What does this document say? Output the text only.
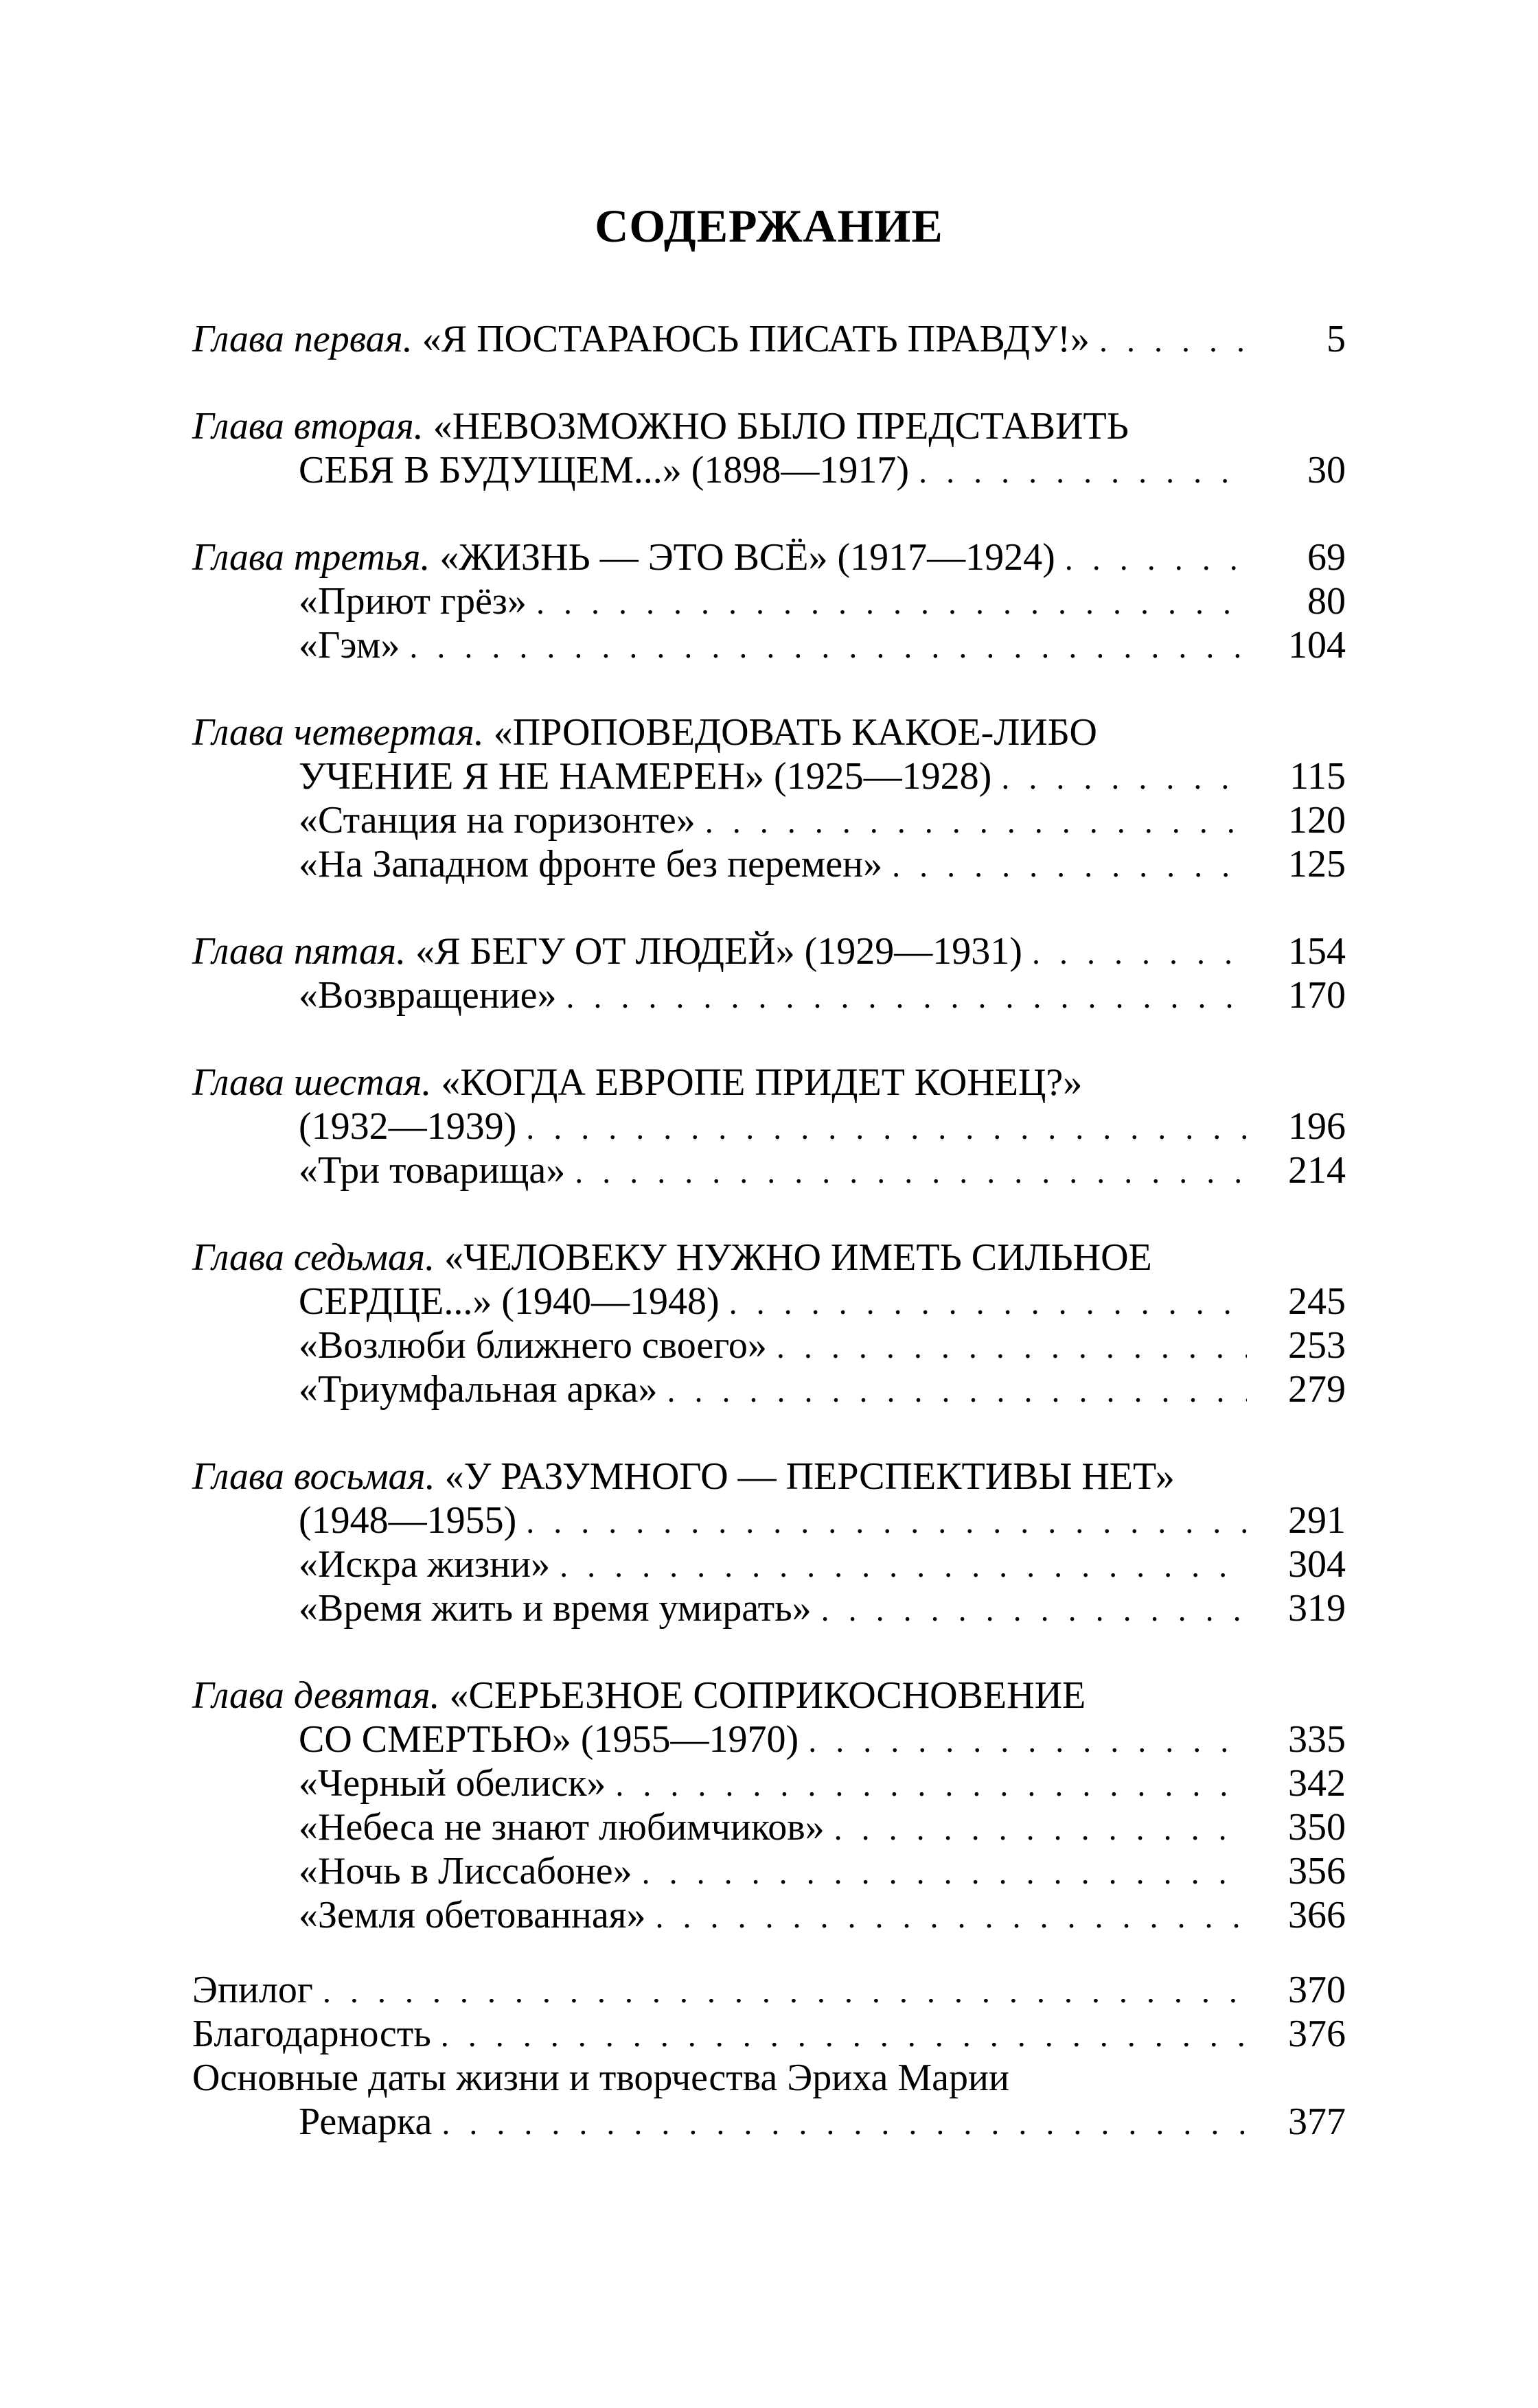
СОДЕРЖАНИЕ
Глава первая. «Я ПОСТАРАЮСЬ ПИСАТЬ ПРАВДУ!» . . .	5
Глава вторая. «НЕВОЗМОЖНО БЫЛО ПРЕДСТАВИТЬ
СЕБЯ В БУДУЩЕМ...» (1898—1917) . . .	30
Глава третья. «ЖИЗНЬ — ЭТО ВСЁ» (1917—1924) . . .	69
«Приют грёз» . . .	80
«Гэм» . . .	104
Глава четвертая. «ПРОПОВЕДОВАТЬ КАКОЕ-ЛИБО
УЧЕНИЕ Я НЕ НАМЕРЕН» (1925—1928) . . .	115
«Станция на горизонте» . . .	120
«На Западном фронте без перемен» . . .	125
Глава пятая. «Я БЕГУ ОТ ЛЮДЕЙ» (1929—1931) . . .	154
«Возвращение» . . .	170
Глава шестая. «КОГДА ЕВРОПЕ ПРИДЕТ КОНЕЦ?»
(1932—1939) . . .	196
«Три товарища» . . .	214
Глава седьмая. «ЧЕЛОВЕКУ НУЖНО ИМЕТЬ СИЛЬНОЕ
СЕРДЦЕ...» (1940—1948) . . .	245
«Возлюби ближнего своего» . . .	253
«Триумфальная арка» . . .	279
Глава восьмая. «У РАЗУМНОГО — ПЕРСПЕКТИВЫ НЕТ»
(1948—1955) . . .	291
«Искра жизни» . . .	304
«Время жить и время умирать» . . .	319
Глава девятая. «СЕРЬЕЗНОЕ СОПРИКОСНОВЕНИЕ
СО СМЕРТЬЮ» (1955—1970) . . .	335
«Черный обелиск» . . .	342
«Небеса не знают любимчиков» . . .	350
«Ночь в Лиссабоне» . . .	356
«Земля обетованная» . . .	366
Эпилог . . .	370
Благодарность . . .	376
Основные даты жизни и творчества Эриха Марии
Ремарка . . .	377
